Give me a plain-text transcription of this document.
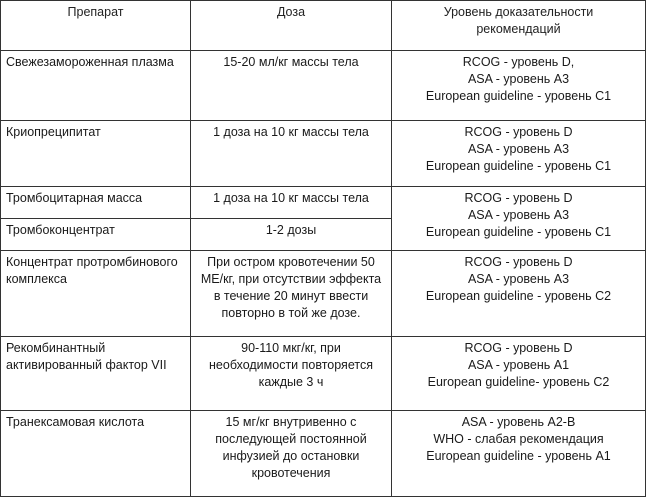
Препарат	Доза	Уровень доказательности
рекомендаций

Свежезамороженная плазма	15-20 мл/кг массы тела	RCOG - уровень D,
ASA - уровень A3
European guideline - уровень C1

Криопреципитат	1 доза на 10 кг массы тела	RCOG - уровень D
ASA - уровень A3
European guideline - уровень C1

Тромбоцитарная масса	1 доза на 10 кг массы тела	RCOG - уровень D
ASA - уровень A3
European guideline - уровень C1

Тромбоконцентрат	1-2 дозы	
Концентрат протромбинового комплекса	При остром кровотечении 50 МЕ/кг, при отсутствии эффекта в течение 20 минут ввести повторно в той же дозе.	RCOG - уровень D
ASA - уровень A3
European guideline - уровень C2

Рекомбинантный активированный фактор VII	90-110 мкг/кг, при необходимости повторяется каждые 3 ч	RCOG - уровень D
ASA - уровень A1
European guideline- уровень C2

Транексамовая кислота	15 мг/кг внутривенно с последующей постоянной инфузией до остановки кровотечения	ASA - уровень A2-B
WHO - слабая рекомендация
European guideline - уровень A1
